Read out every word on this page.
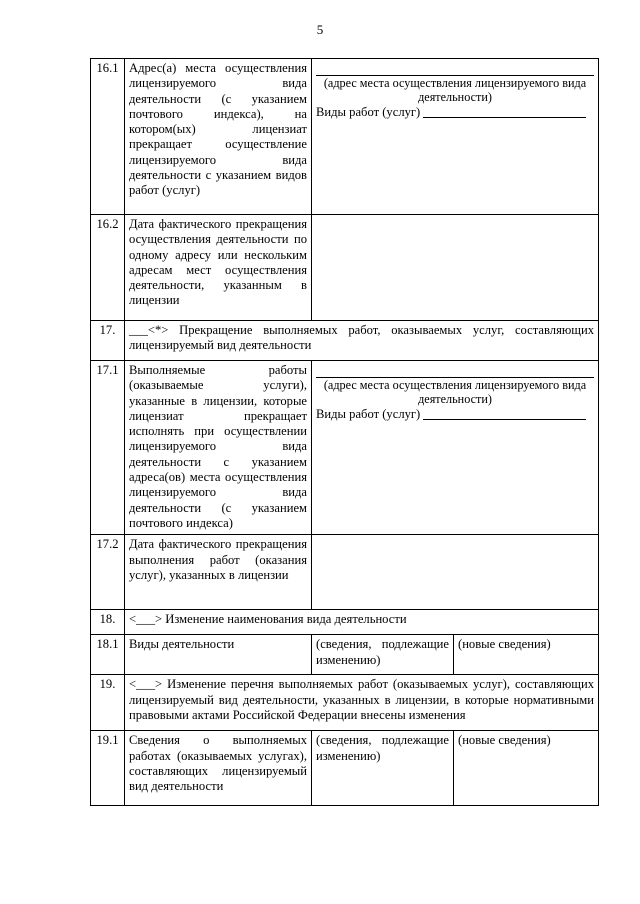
5
16.1	Адрес(а) места осуществления лицензируемого вида деятельности (с указанием почтового индекса), на котором(ых) лицензиат прекращает осуществление лицензируемого вида деятельности с указанием видов работ (услуг)	(адрес места осуществления лицензируемого вида деятельности)
Виды работ (услуг)	

16.2	Дата фактического прекращения осуществления деятельности по одному адресу или нескольким адресам мест осуществления деятельности, указанным в лицензии		
17.	___<*> Прекращение выполняемых работ, оказываемых услуг, составляющих лицензируемый вид деятельности		
17.1	Выполняемые работы (оказываемые услуги), указанные в лицензии, которые лицензиат прекращает исполнять при осуществлении лицензируемого вида деятельности с указанием адреса(ов) места осуществления лицензируемого вида деятельности (с указанием почтового индекса)	(адрес места осуществления лицензируемого вида деятельности)
Виды работ (услуг)	

17.2	Дата фактического прекращения выполнения работ (оказания услуг), указанных в лицензии		
18.	<___> Изменение наименования вида деятельности		
18.1	Виды деятельности	(сведения, подлежащие изменению)	(новые сведения)
19.	<___> Изменение перечня выполняемых работ (оказываемых услуг), составляющих лицензируемый вид деятельности, указанных в лицензии, в которые нормативными правовыми актами Российской Федерации внесены изменения		
19.1	Сведения о выполняемых работах (оказываемых услугах), составляющих лицензируемый вид деятельности	(сведения, подлежащие изменению)	(новые сведения)
